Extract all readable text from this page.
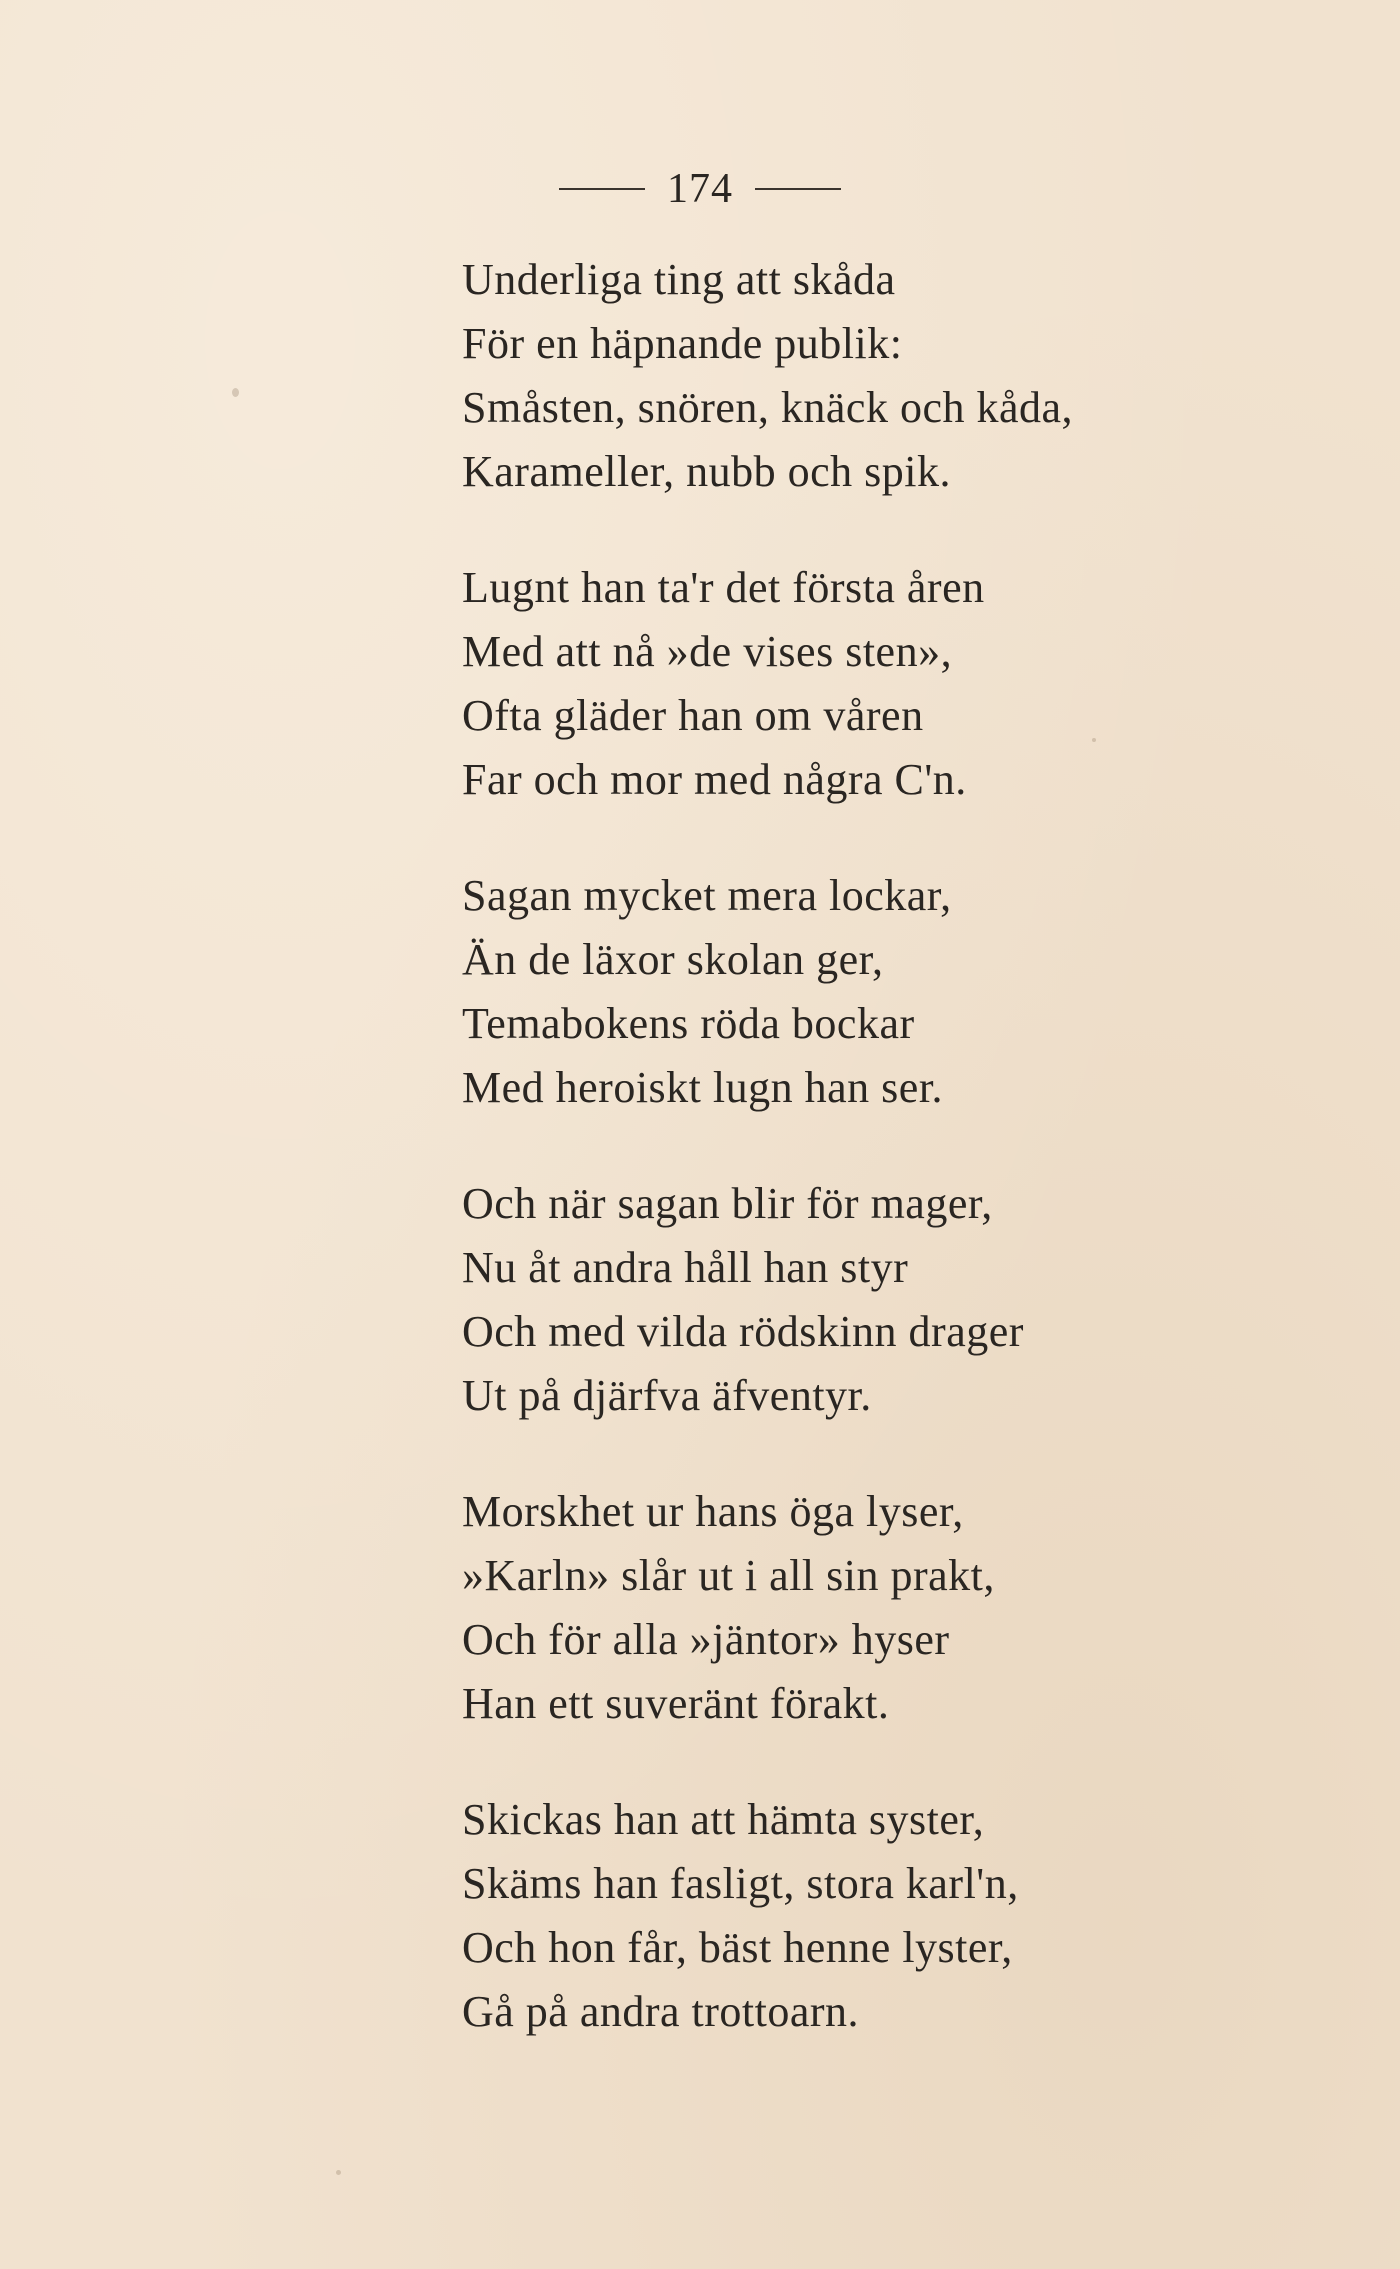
174

Underliga ting att skåda
För en häpnande publik:
Småsten, snören, knäck och kåda,
Karameller, nubb och spik.

Lugnt han ta'r det första åren
Med att nå »de vises sten»,
Ofta gläder han om våren
Far och mor med några C'n.

Sagan mycket mera lockar,
Än de läxor skolan ger,
Temabokens röda bockar
Med heroiskt lugn han ser.

Och när sagan blir för mager,
Nu åt andra håll han styr
Och med vilda rödskinn drager
Ut på djärfva äfventyr.

Morskhet ur hans öga lyser,
»Karln» slår ut i all sin prakt,
Och för alla »jäntor» hyser
Han ett suveränt förakt.

Skickas han att hämta syster,
Skäms han fasligt, stora karl'n,
Och hon får, bäst henne lyster,
Gå på andra trottoarn.
